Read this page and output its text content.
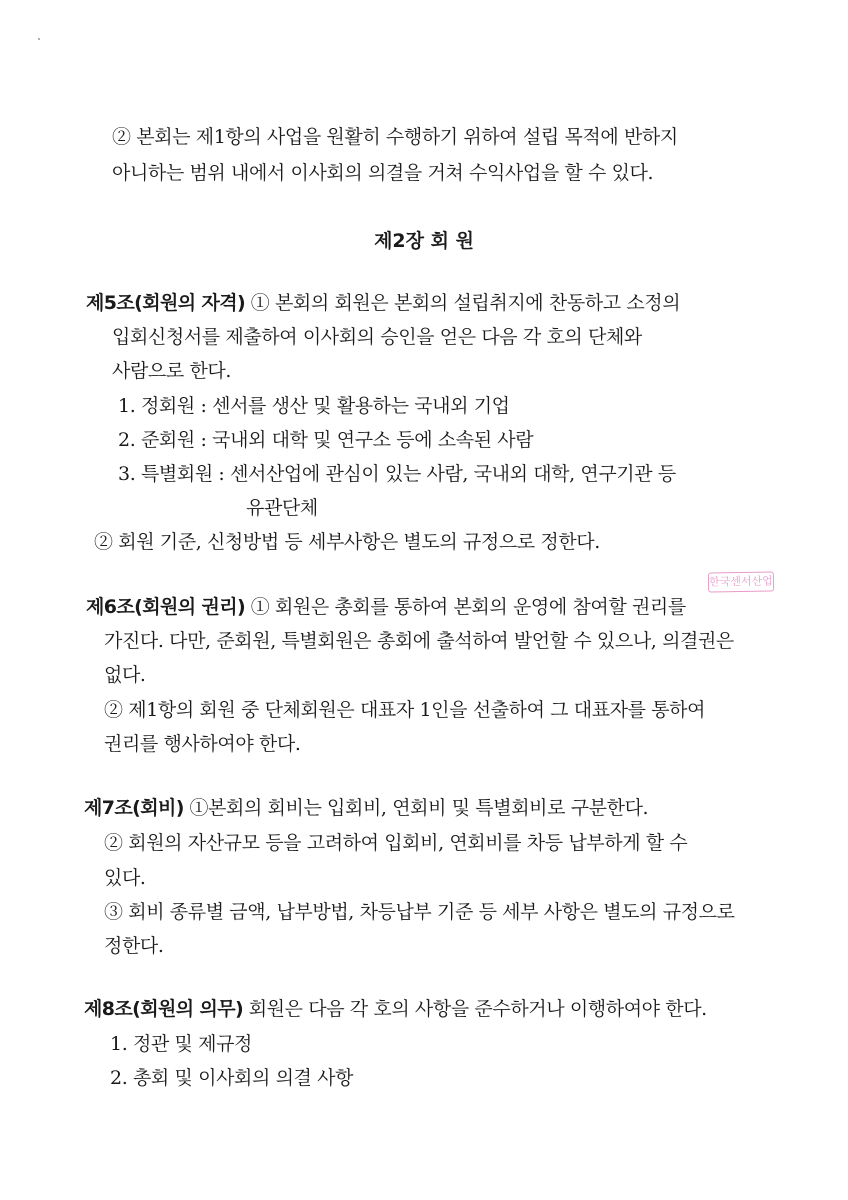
② 본회는 제1항의 사업을 원활히 수행하기 위하여 설립 목적에 반하지
아니하는 범위 내에서 이사회의 의결을 거쳐 수익사업을 할 수 있다.
제2장 회 원
제5조(회원의 자격) ① 본회의 회원은 본회의 설립취지에 찬동하고 소정의
입회신청서를 제출하여 이사회의 승인을 얻은 다음 각 호의 단체와
사람으로 한다.
1. 정회원 : 센서를 생산 및 활용하는 국내외 기업
2. 준회원 : 국내외 대학 및 연구소 등에 소속된 사람
3. 특별회원 : 센서산업에 관심이 있는 사람, 국내외 대학, 연구기관 등
유관단체
② 회원 기준, 신청방법 등 세부사항은 별도의 규정으로 정한다.
한국센서산업
제6조(회원의 권리) ① 회원은 총회를 통하여 본회의 운영에 참여할 권리를
가진다. 다만, 준회원, 특별회원은 총회에 출석하여 발언할 수 있으나, 의결권은
없다.
② 제1항의 회원 중 단체회원은 대표자 1인을 선출하여 그 대표자를 통하여
권리를 행사하여야 한다.
제7조(회비) ①본회의 회비는 입회비, 연회비 및 특별회비로 구분한다.
② 회원의 자산규모 등을 고려하여 입회비, 연회비를 차등 납부하게 할 수
있다.
③ 회비 종류별 금액, 납부방법, 차등납부 기준 등 세부 사항은 별도의 규정으로
정한다.
제8조(회원의 의무) 회원은 다음 각 호의 사항을 준수하거나 이행하여야 한다.
1. 정관 및 제규정
2. 총회 및 이사회의 의결 사항
